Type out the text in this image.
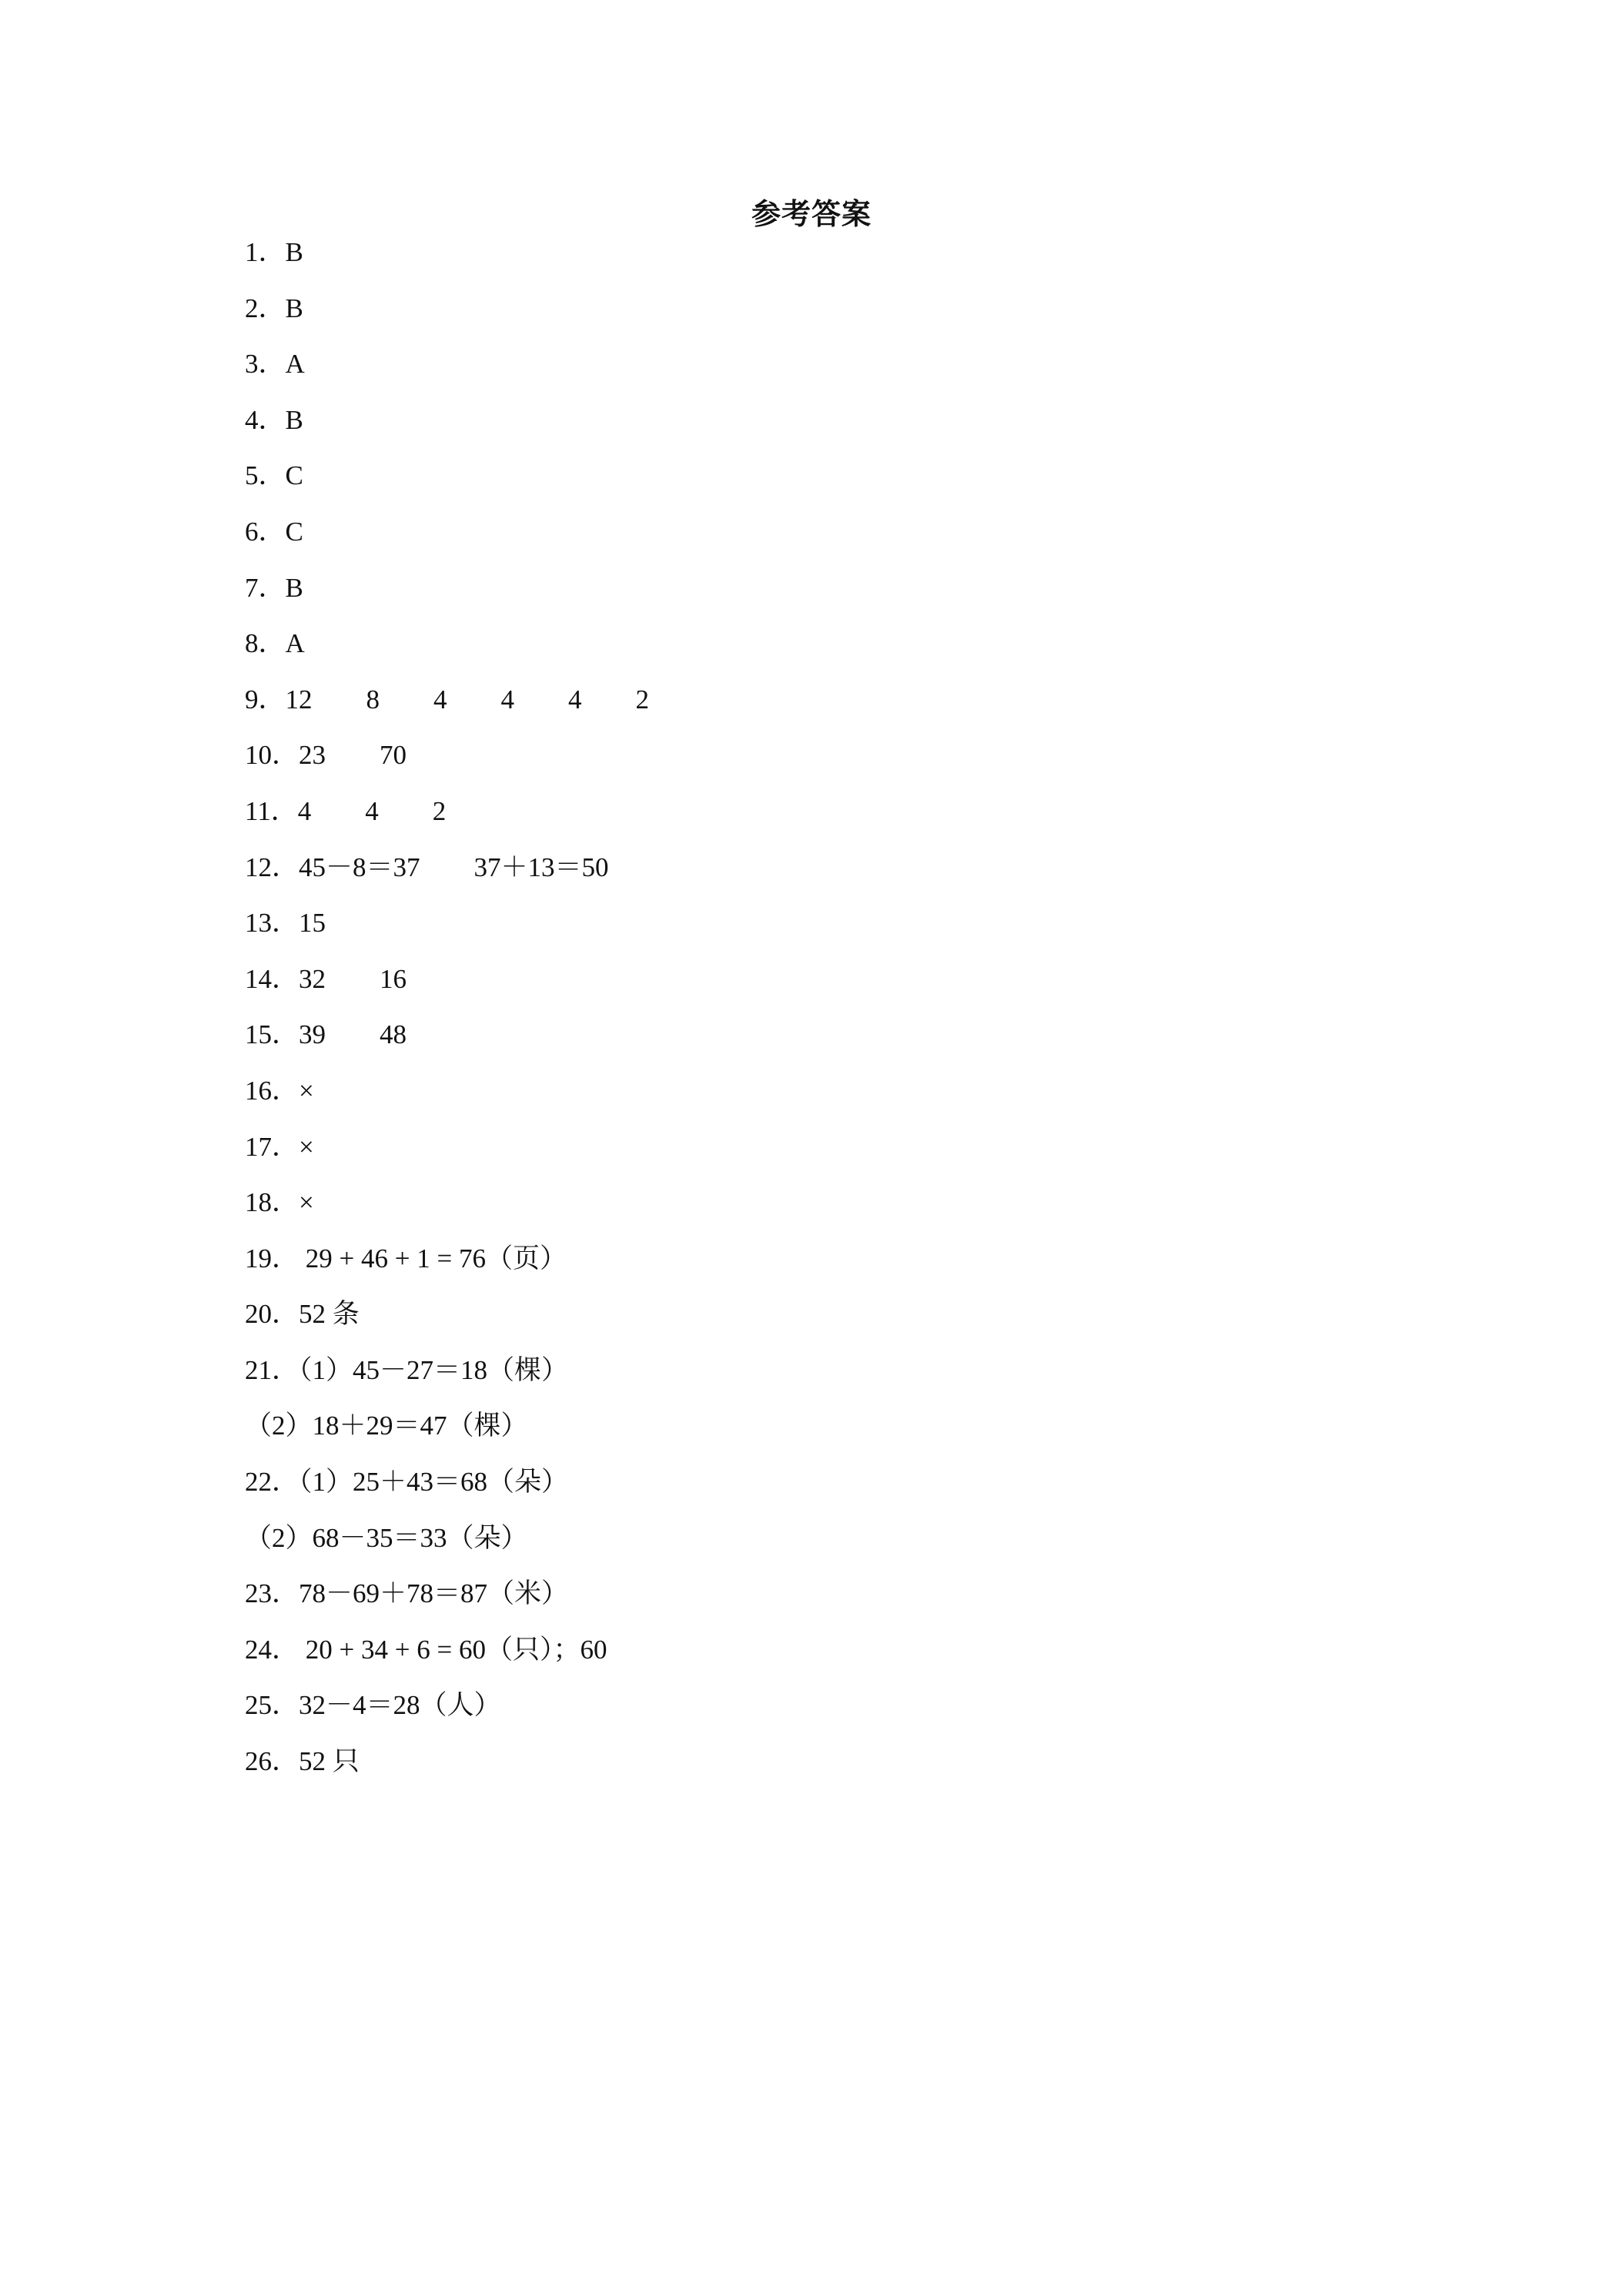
参考答案
1．B
2．B
3．A
4．B
5．C
6．C
7．B
8．A
9．12        8        4        4        4        2
10．23        70
11．4        4        2
12．45－8＝37        37＋13＝50
13．15
14．32        16
15．39        48
16．×
17．×
18．×
19． 29 + 46 + 1 = 76（页）
20．52 条
21．（1）45－27＝18（棵）
（2）18＋29＝47（棵）
22．（1）25＋43＝68（朵）
（2）68－35＝33（朵）
23．78－69＋78＝87（米）
24． 20 + 34 + 6 = 60（只）；60
25．32－4＝28（人）
26．52 只
